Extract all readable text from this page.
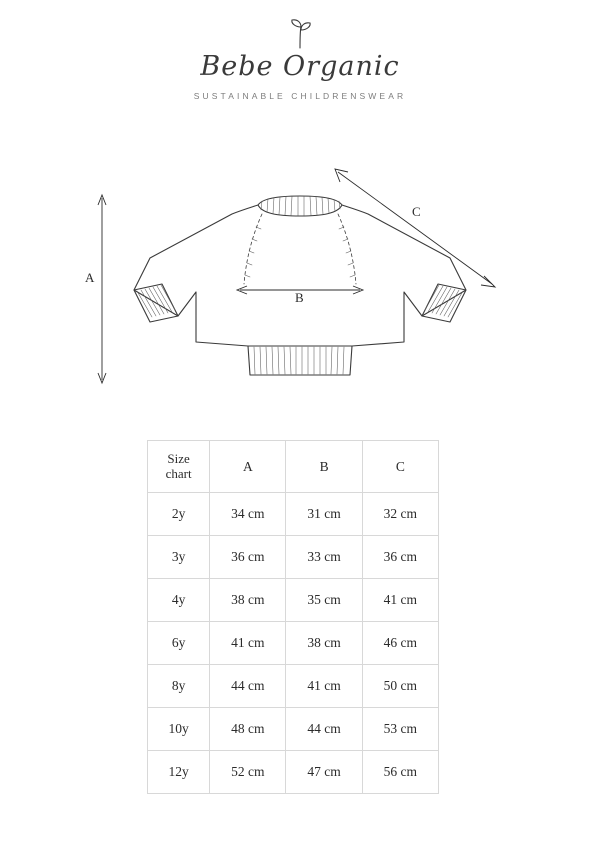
Bebe Organic
SUSTAINABLE CHILDRENSWEAR
A
B
C
Size
chart	A	B	C
2y	34 cm	31 cm	32 cm
3y	36 cm	33 cm	36 cm
4y	38 cm	35 cm	41 cm
6y	41 cm	38 cm	46 cm
8y	44 cm	41 cm	50 cm
10y	48 cm	44 cm	53 cm
12y	52 cm	47 cm	56 cm
